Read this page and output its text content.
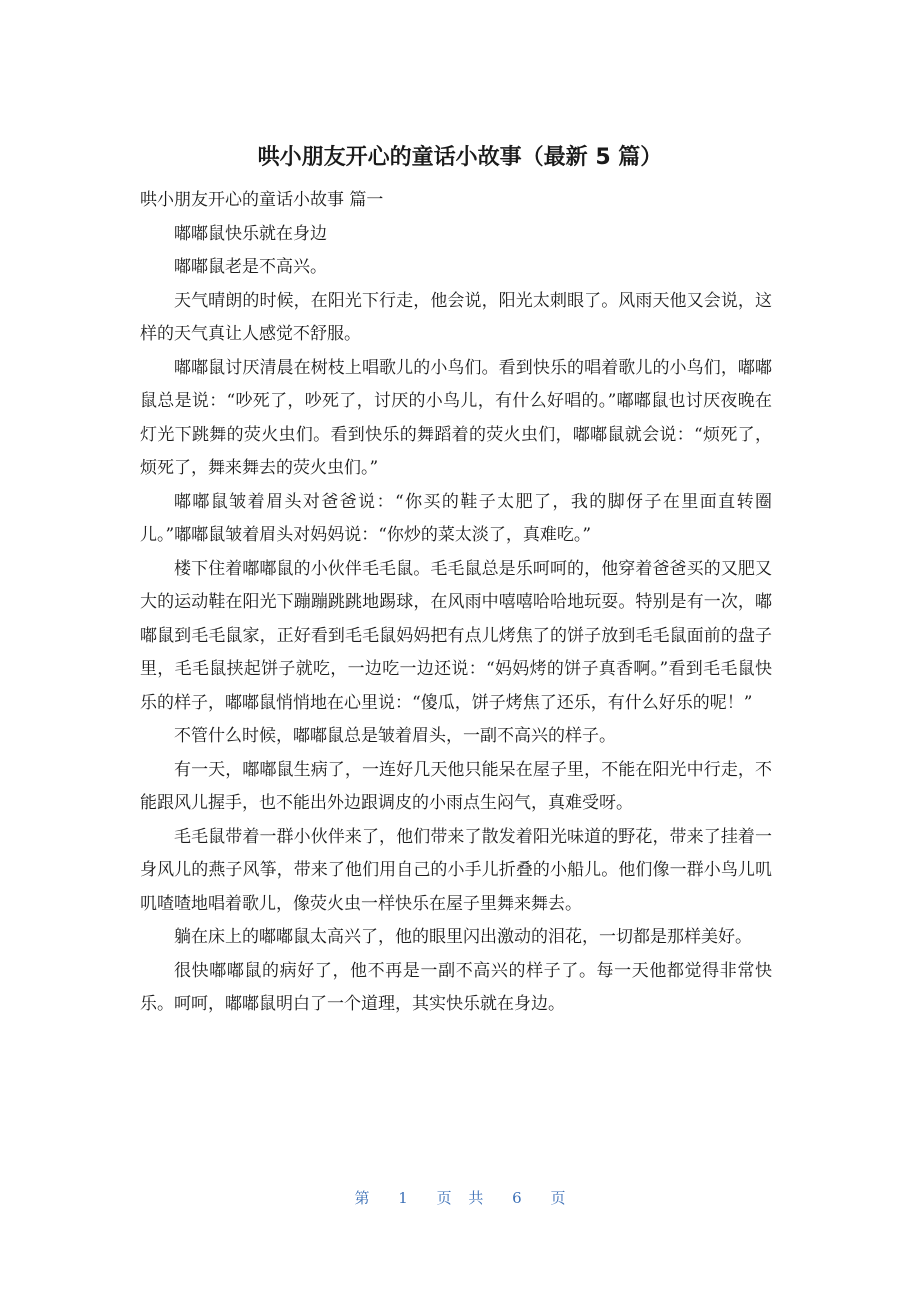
哄小朋友开心的童话小故事（最新 5 篇）

哄小朋友开心的童话小故事 篇一

嘟嘟鼠快乐就在身边

嘟嘟鼠老是不高兴。

天气晴朗的时候，在阳光下行走，他会说，阳光太刺眼了。风雨天他又会说，这样的天气真让人感觉不舒服。

嘟嘟鼠讨厌清晨在树枝上唱歌儿的小鸟们。看到快乐的唱着歌儿的小鸟们，嘟嘟鼠总是说：“吵死了，吵死了，讨厌的小鸟儿，有什么好唱的。”嘟嘟鼠也讨厌夜晚在灯光下跳舞的荧火虫们。看到快乐的舞蹈着的荧火虫们，嘟嘟鼠就会说：“烦死了，烦死了，舞来舞去的荧火虫们。”

嘟嘟鼠皱着眉头对爸爸说：“你买的鞋子太肥了，我的脚伢子在里面直转圈儿。”嘟嘟鼠皱着眉头对妈妈说：“你炒的菜太淡了，真难吃。”

楼下住着嘟嘟鼠的小伙伴毛毛鼠。毛毛鼠总是乐呵呵的，他穿着爸爸买的又肥又大的运动鞋在阳光下蹦蹦跳跳地踢球，在风雨中嘻嘻哈哈地玩耍。特别是有一次，嘟嘟鼠到毛毛鼠家，正好看到毛毛鼠妈妈把有点儿烤焦了的饼子放到毛毛鼠面前的盘子里，毛毛鼠挟起饼子就吃，一边吃一边还说：“妈妈烤的饼子真香啊。”看到毛毛鼠快乐的样子，嘟嘟鼠悄悄地在心里说：“傻瓜，饼子烤焦了还乐，有什么好乐的呢！”

不管什么时候，嘟嘟鼠总是皱着眉头，一副不高兴的样子。

有一天，嘟嘟鼠生病了，一连好几天他只能呆在屋子里，不能在阳光中行走，不能跟风儿握手，也不能出外边跟调皮的小雨点生闷气，真难受呀。

毛毛鼠带着一群小伙伴来了，他们带来了散发着阳光味道的野花，带来了挂着一身风儿的燕子风筝，带来了他们用自己的小手儿折叠的小船儿。他们像一群小鸟儿叽叽喳喳地唱着歌儿，像荧火虫一样快乐在屋子里舞来舞去。

躺在床上的嘟嘟鼠太高兴了，他的眼里闪出激动的泪花，一切都是那样美好。

很快嘟嘟鼠的病好了，他不再是一副不高兴的样子了。每一天他都觉得非常快乐。呵呵，嘟嘟鼠明白了一个道理，其实快乐就在身边。

第 1 页 共 6 页
